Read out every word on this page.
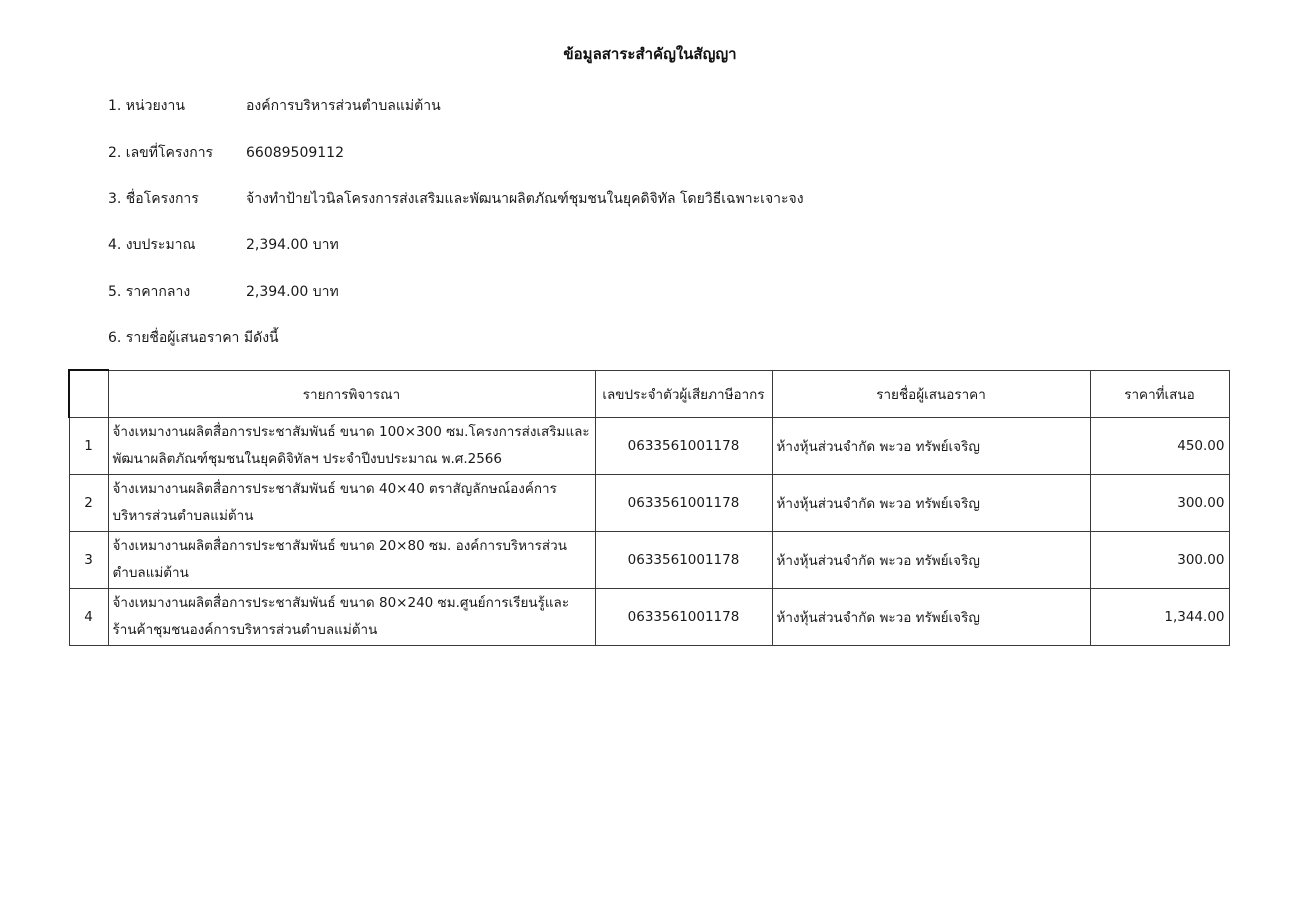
ข้อมูลสาระสำคัญในสัญญา
1. หน่วยงาน	องค์การบริหารส่วนตำบลแม่ต้าน
2. เลขที่โครงการ 66089509112
3. ชื่อโครงการ	จ้างทำป้ายไวนิลโครงการส่งเสริมและพัฒนาผลิตภัณฑ์ชุมชนในยุคดิจิทัล โดยวิธีเฉพาะเจาะจง
4. งบประมาณ	2,394.00 บาท
5. ราคากลาง	2,394.00 บาท
6. รายชื่อผู้เสนอราคา มีดังนี้
	รายการพิจารณา	เลขประจำตัวผู้เสียภาษีอากร	รายชื่อผู้เสนอราคา	ราคาที่เสนอ
1	จ้างเหมางานผลิตสื่อการประชาสัมพันธ์ ขนาด 100×300 ซม.โครงการส่งเสริมและพัฒนาผลิตภัณฑ์ชุมชนในยุคดิจิทัลฯ ประจำปีงบประมาณ พ.ศ.2566	0633561001178	ห้างหุ้นส่วนจำกัด พะวอ ทรัพย์เจริญ	450.00
2	จ้างเหมางานผลิตสื่อการประชาสัมพันธ์ ขนาด 40×40 ตราสัญลักษณ์องค์การบริหารส่วนตำบลแม่ต้าน	0633561001178	ห้างหุ้นส่วนจำกัด พะวอ ทรัพย์เจริญ	300.00
3	จ้างเหมางานผลิตสื่อการประชาสัมพันธ์ ขนาด 20×80 ซม. องค์การบริหารส่วนตำบลแม่ต้าน	0633561001178	ห้างหุ้นส่วนจำกัด พะวอ ทรัพย์เจริญ	300.00
4	จ้างเหมางานผลิตสื่อการประชาสัมพันธ์ ขนาด 80×240 ซม.ศูนย์การเรียนรู้และร้านค้าชุมชนองค์การบริหารส่วนตำบลแม่ต้าน	0633561001178	ห้างหุ้นส่วนจำกัด พะวอ ทรัพย์เจริญ	1,344.00
